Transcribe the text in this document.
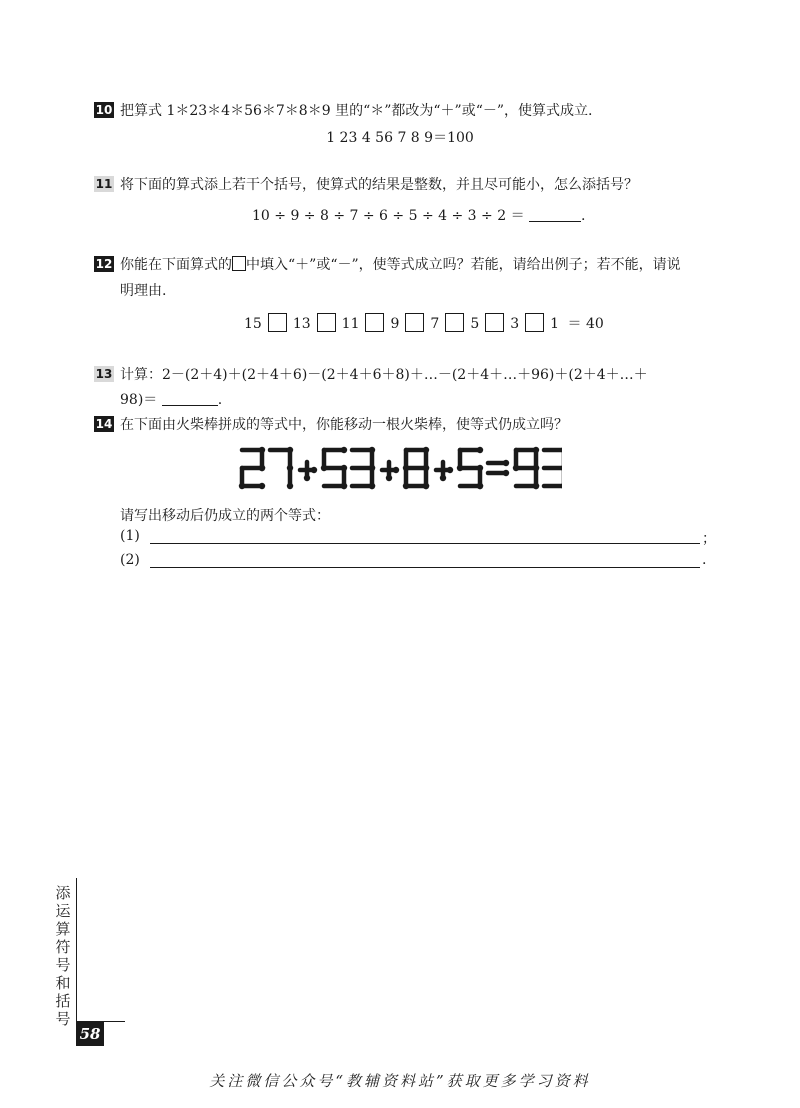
10 把算式 1＊23＊4＊56＊7＊8＊9 里的“＊”都改为“＋”或“－”，使算式成立.
1 23 4 56 7 8 9＝100
11 将下面的算式添上若干个括号，使算式的结果是整数，并且尽可能小，怎么添括号？
10 ÷ 9 ÷ 8 ÷ 7 ÷ 6 ÷ 5 ÷ 4 ÷ 3 ÷ 2 ＝	.
12 你能在下面算式的 中填入“＋”或“－”，使等式成立吗？若能，请给出例子；若不能，请说
明理由.
15 13 11 9 7 5 3 1 ＝ 40
13 计算：2－(2＋4)＋(2＋4＋6)－(2＋4＋6＋8)＋…－(2＋4＋…＋96)＋(2＋4＋…＋
98)＝	.
14 在下面由火柴棒拼成的等式中，你能移动一根火柴棒，使等式仍成立吗？
请写出移动后仍成立的两个等式：
(1)	；
(2)	.
添
运
算
符
号
和
括
号
58
关注微信公众号“教辅资料站”获取更多学习资料
